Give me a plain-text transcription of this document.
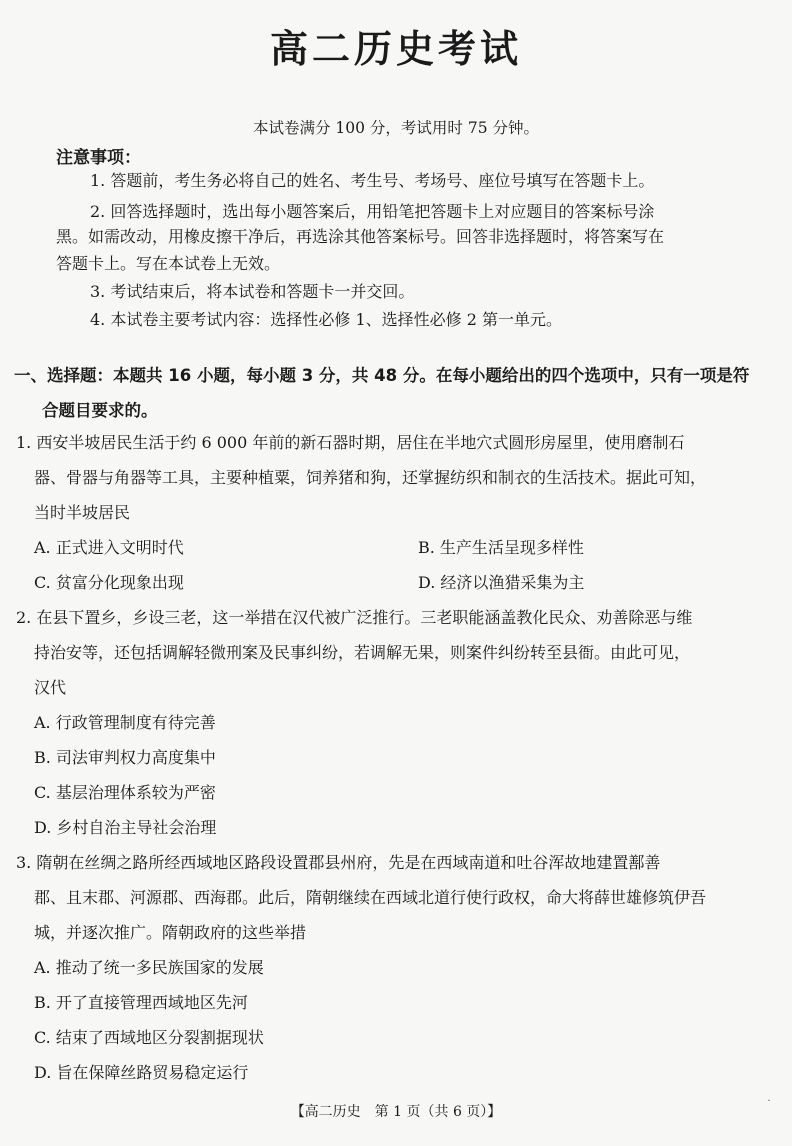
高二历史考试
本试卷满分 100 分，考试用时 75 分钟。
注意事项：
1. 答题前，考生务必将自己的姓名、考生号、考场号、座位号填写在答题卡上。
2. 回答选择题时，选出每小题答案后，用铅笔把答题卡上对应题目的答案标号涂
黑。如需改动，用橡皮擦干净后，再选涂其他答案标号。回答非选择题时，将答案写在
答题卡上。写在本试卷上无效。
3. 考试结束后，将本试卷和答题卡一并交回。
4. 本试卷主要考试内容：选择性必修 1、选择性必修 2 第一单元。
一、选择题：本题共 16 小题，每小题 3 分，共 48 分。在每小题给出的四个选项中，只有一项是符
合题目要求的。
1. 西安半坡居民生活于约 6 000 年前的新石器时期，居住在半地穴式圆形房屋里，使用磨制石
器、骨器与角器等工具，主要种植粟，饲养猪和狗，还掌握纺织和制衣的生活技术。据此可知，
当时半坡居民
A. 正式进入文明时代	B. 生产生活呈现多样性
C. 贫富分化现象出现	D. 经济以渔猎采集为主
2. 在县下置乡，乡设三老，这一举措在汉代被广泛推行。三老职能涵盖教化民众、劝善除恶与维
持治安等，还包括调解轻微刑案及民事纠纷，若调解无果，则案件纠纷转至县衙。由此可见，
汉代
A. 行政管理制度有待完善
B. 司法审判权力高度集中
C. 基层治理体系较为严密
D. 乡村自治主导社会治理
3. 隋朝在丝绸之路所经西域地区路段设置郡县州府，先是在西域南道和吐谷浑故地建置鄯善
郡、且末郡、河源郡、西海郡。此后，隋朝继续在西域北道行使行政权，命大将薛世雄修筑伊吾
城，并逐次推广。隋朝政府的这些举措
A. 推动了统一多民族国家的发展
B. 开了直接管理西域地区先河
C. 结束了西域地区分裂割据现状
D. 旨在保障丝路贸易稳定运行
【高二历史　第 1 页（共 6 页）】	˙
